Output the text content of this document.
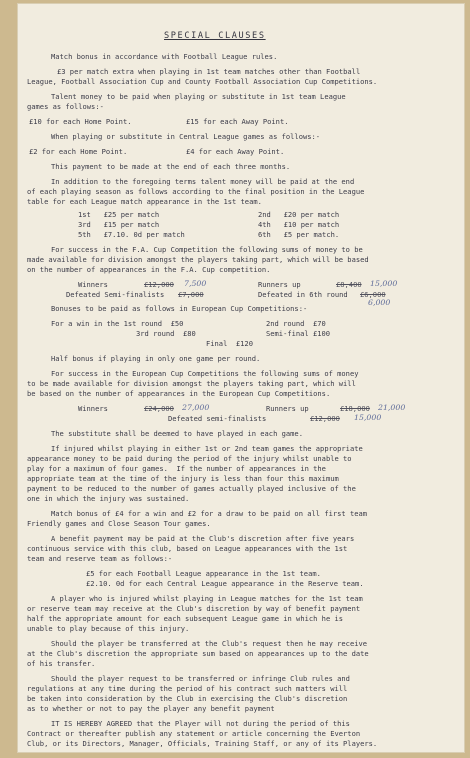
SPECIAL CLAUSES
Match bonus in accordance with Football League rules.
£3 per match extra when playing in 1st team matches other than Football
League, Football Association Cup and County Football Association Cup Competitions.
Talent money to be paid when playing or substitute in 1st team League
games as follows:-
£10 for each Home Point.	£15 for each Away Point.
When playing or substitute in Central League games as follows:-
£2 for each Home Point.	£4 for each Away Point.
This payment to be made at the end of each three months.
In addition to the foregoing terms talent money will be paid at the end
of each playing season as follows according to the final position in the League
table for each League match appearance in the 1st team.
1st   £25 per match	2nd   £20 per match
3rd   £15 per match	4th   £10 per match
5th   £7.10. 0d per match	6th   £5 per match.
For success in the F.A. Cup Competition the following sums of money to be
made available for division amongst the players taking part, which will be based
on the number of appearances in the F.A. Cup competition.
Winners	£12,000 7,500	Runners up	£8,400 15,000
Defeated Semi-finalists £7,000	Defeated in 6th round £6,000
6,000
Bonuses to be paid as follows in European Cup Competitions:-
For a win in the 1st round  £50	2nd round  £70
3rd round  £80	Semi-final £100
Final  £120
Half bonus if playing in only one game per round.
For success in the European Cup Competitions the following sums of money
to be made available for division amongst the players taking part, which will
be based on the number of appearances in the European Cup Competitions.
Winners	£24,000 27,000	Runners up	£18,000 21,000
Defeated semi-finalists	£12,000 15,000
The substitute shall be deemed to have played in each game.
If injured whilst playing in either 1st or 2nd team games the appropriate
appearance money to be paid during the period of the injury whilst unable to
play for a maximum of four games.  If the number of appearances in the
appropriate team at the time of the injury is less than four this maximum
payment to be reduced to the number of games actually played inclusive of the
one in which the injury was sustained.
Match bonus of £4 for a win and £2 for a draw to be paid on all first team
Friendly games and Close Season Tour games.
A benefit payment may be paid at the Club's discretion after five years
continuous service with this club, based on League appearances with the 1st
team and reserve team as follows:-
£5 for each Football League appearance in the 1st team.
£2.10. 0d for each Central League appearance in the Reserve team.
A player who is injured whilst playing in League matches for the 1st team
or reserve team may receive at the Club's discretion by way of benefit payment
half the appropriate amount for each subsequent League game in which he is
unable to play because of this injury.
Should the player be transferred at the Club's request then he may receive
at the Club's discretion the appropriate sum based on appearances up to the date
of his transfer.
Should the player request to be transferred or infringe Club rules and
regulations at any time during the period of his contract such matters will
be taken into consideration by the Club in exercising the Club's discretion
as to whether or not to pay the player any benefit payment
IT IS HEREBY AGREED that the Player will not during the period of this
Contract or thereafter publish any statement or article concerning the Everton
Club, or its Directors, Manager, Officials, Training Staff, or any of its Players.
